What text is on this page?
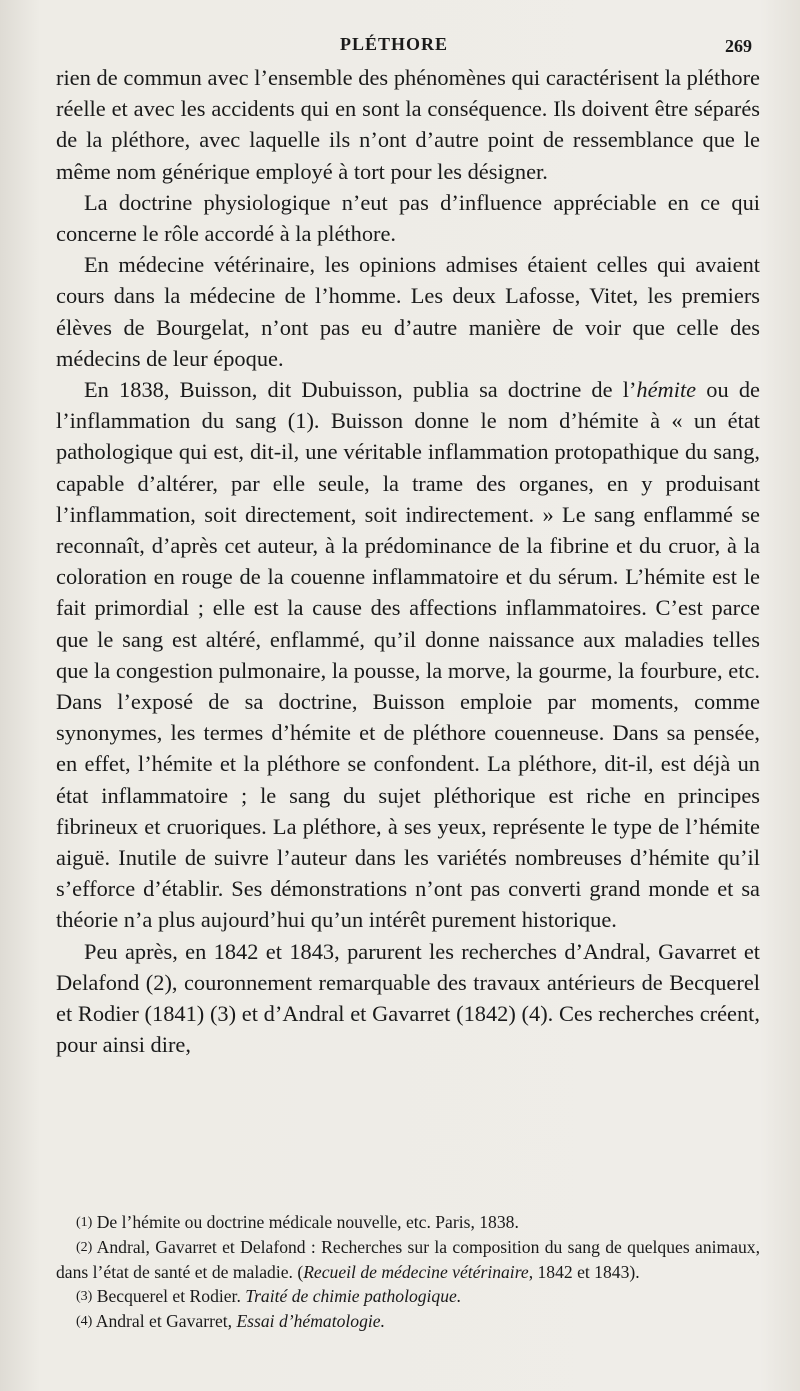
PLÉTHORE	269

rien de commun avec l’ensemble des phénomènes qui caractérisent la pléthore réelle et avec les accidents qui en sont la conséquence. Ils doivent être séparés de la pléthore, avec laquelle ils n’ont d’autre point de ressemblance que le même nom générique employé à tort pour les désigner.

La doctrine physiologique n’eut pas d’influence appréciable en ce qui concerne le rôle accordé à la pléthore.

En médecine vétérinaire, les opinions admises étaient celles qui avaient cours dans la médecine de l’homme. Les deux Lafosse, Vitet, les premiers élèves de Bourgelat, n’ont pas eu d’autre manière de voir que celle des médecins de leur époque.

En 1838, Buisson, dit Dubuisson, publia sa doctrine de l’hémite ou de l’inflammation du sang (1). Buisson donne le nom d’hémite à « un état pathologique qui est, dit-il, une véritable inflammation protopathique du sang, capable d’altérer, par elle seule, la trame des organes, en y produisant l’inflammation, soit directement, soit indirectement. » Le sang enflammé se reconnaît, d’après cet auteur, à la prédominance de la fibrine et du cruor, à la coloration en rouge de la couenne inflammatoire et du sérum. L’hémite est le fait primordial ; elle est la cause des affections inflammatoires. C’est parce que le sang est altéré, enflammé, qu’il donne naissance aux maladies telles que la congestion pulmonaire, la pousse, la morve, la gourme, la fourbure, etc. Dans l’exposé de sa doctrine, Buisson emploie par moments, comme synonymes, les termes d’hémite et de pléthore couenneuse. Dans sa pensée, en effet, l’hémite et la pléthore se confondent. La pléthore, dit-il, est déjà un état inflammatoire ; le sang du sujet pléthorique est riche en principes fibrineux et cruoriques. La pléthore, à ses yeux, représente le type de l’hémite aiguë. Inutile de suivre l’auteur dans les variétés nombreuses d’hémite qu’il s’efforce d’établir. Ses démonstrations n’ont pas converti grand monde et sa théorie n’a plus aujourd’hui qu’un intérêt purement historique.

Peu après, en 1842 et 1843, parurent les recherches d’Andral, Gavarret et Delafond (2), couronnement remarquable des travaux antérieurs de Becquerel et Rodier (1841) (3) et d’Andral et Gavarret (1842) (4). Ces recherches créent, pour ainsi dire,

(1) De l’hémite ou doctrine médicale nouvelle, etc. Paris, 1838.

(2) Andral, Gavarret et Delafond : Recherches sur la composition du sang de quelques animaux, dans l’état de santé et de maladie. (Recueil de médecine vétérinaire, 1842 et 1843).

(3) Becquerel et Rodier. Traité de chimie pathologique.

(4) Andral et Gavarret, Essai d’hématologie.
